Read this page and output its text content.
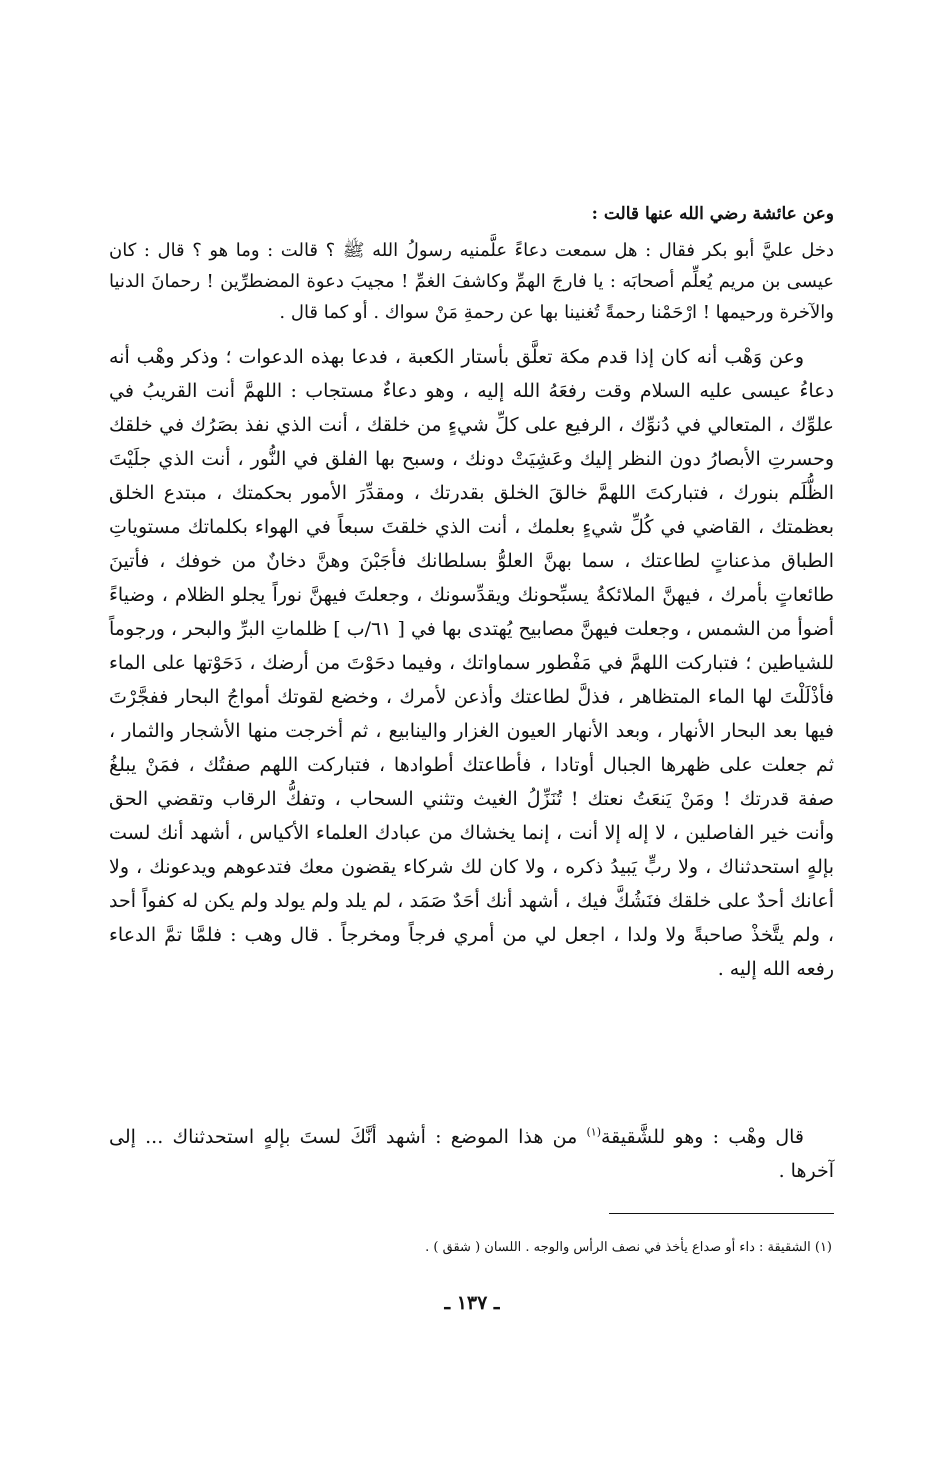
وعن عائشة رضي الله عنها قالت :
دخل عليَّ أبو بكر فقال : هل سمعت دعاءً علَّمنيه رسولُ الله ﷺ ؟ قالت : وما هو ؟ قال : كان عيسى بن مريم يُعلِّم أصحابَه : يا فارجَ الهمِّ وكاشفَ الغمِّ ! مجيبَ دعوة المضطرِّين ! رحمانَ الدنيا والآخرة ورحيمها ! ارْحَمْنا رحمةً تُغنينا بها عن رحمةِ مَنْ سواك . أو كما قال .
وعن وَهْب أنه كان إذا قدم مكة تعلَّق بأستار الكعبة ، فدعا بهذه الدعوات ؛ وذكر وهْب أنه دعاءُ عيسى عليه السلام وقت رفعَهُ الله إليه ، وهو دعاءٌ مستجاب : اللهمَّ أنت القريبُ في علوِّك ، المتعالي في دُنوِّك ، الرفيع على كلِّ شيءٍ من خلقك ، أنت الذي نفذ بصَرُك في خلقك وحسرتِ الأبصارُ دون النظر إليك وعَشِيَتْ دونك ، وسبح بها الفلق في النُّور ، أنت الذي جلَيْتَ الظُّلَم بنورك ، فتباركتَ اللهمَّ خالقَ الخلق بقدرتك ، ومقدِّرَ الأمور بحكمتك ، مبتدع الخلق بعظمتك ، القاضي في كُلِّ شيءٍ بعلمك ، أنت الذي خلقتَ سبعاً في الهواء بكلماتك مستوياتِ الطباق مذعناتٍ لطاعتك ، سما بهنَّ العلوُّ بسلطانك فأجَبْنَ وهنَّ دخانٌ من خوفك ، فأتينَ طائعاتٍ بأمرك ، فيهنَّ الملائكةُ يسبِّحونك ويقدِّسونك ، وجعلتَ فيهنَّ نوراً يجلو الظلام ، وضياءً أضوأ من الشمس ، وجعلت فيهنَّ مصابيح يُهتدى بها في [ ٦١/ب ] ظلماتِ البرِّ والبحر ، ورجوماً للشياطين ؛ فتباركت اللهمَّ في مَفْطور سماواتك ، وفيما دحَوْتَ من أرضك ، دَحَوْتها على الماء فأذْلَلْتَ لها الماء المتظاهر ، فذلَّ لطاعتك وأذعن لأمرك ، وخضع لقوتك أمواجُ البحار ففجَّرْتَ فيها بعد البحار الأنهار ، وبعد الأنهار العيون الغزار والينابيع ، ثم أخرجت منها الأشجار والثمار ، ثم جعلت على ظهرها الجبال أوتادا ، فأطاعتك أطوادها ، فتباركت اللهم صفتُك ، فمَنْ يبلغُ صفة قدرتك ! ومَنْ يَنعَتُ نعتك ! تُنَزِّلُ الغيث وتثني السحاب ، وتفكُّ الرقاب وتقضي الحق وأنت خير الفاصلين ، لا إله إلا أنت ، إنما يخشاك من عبادك العلماء الأكياس ، أشهد أنك لست بإلهٍ استحدثناك ، ولا ربٍّ يَبيدُ ذكره ، ولا كان لك شركاء يقضون معك فتدعوهم ويدعونك ، ولا أعانك أحدٌ على خلقك فنَشُكَّ فيك ، أشهد أنك أحَدٌ صَمَد ، لم يلد ولم يولد ولم يكن له كفواً أحد ، ولم يتَّخذْ صاحبةً ولا ولدا ، اجعل لي من أمري فرجاً ومخرجاً . قال وهب : فلمَّا تمَّ الدعاء رفعه الله إليه .
قال وهْب : وهو للشَّقيقة$^{(١)}$ من هذا الموضع : أشهد أنَّكَ لستَ بإلهٍ استحدثناك ... إلى آخرها .
(١) الشقيقة : داء أو صداع يأخذ في نصف الرأس والوجه . اللسان ( شقق ) .
ـ ١٣٧ ـ
